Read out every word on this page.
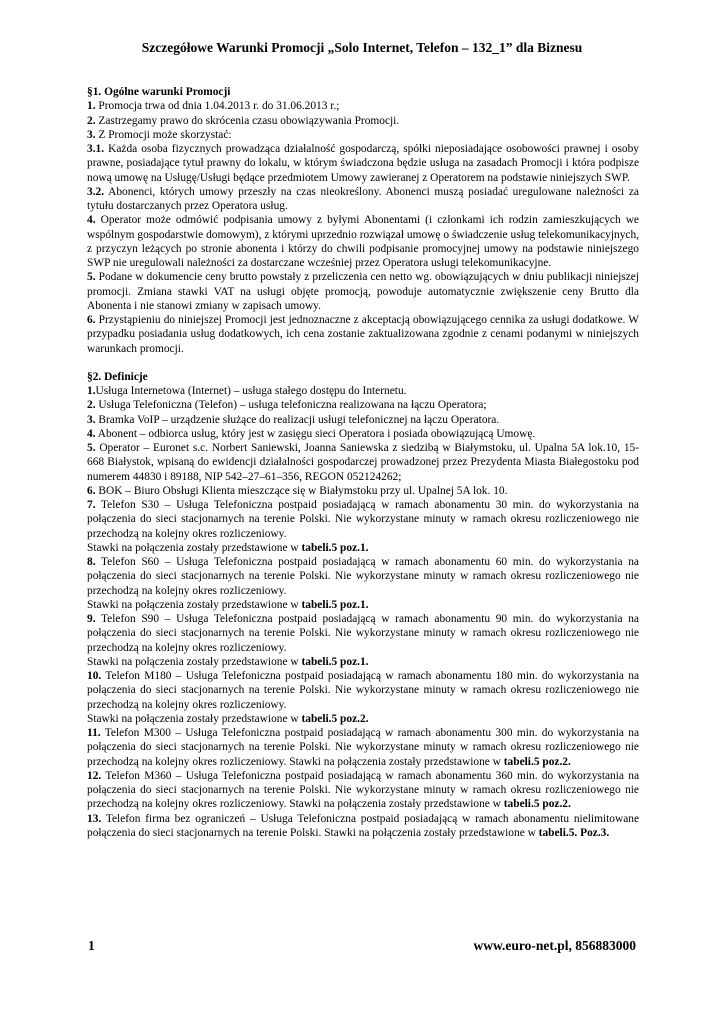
Szczegółowe Warunki Promocji „Solo Internet, Telefon – 132_1” dla Biznesu

§1. Ogólne warunki Promocji

1. Promocja trwa od dnia 1.04.2013 r. do 31.06.2013 r.;

2. Zastrzegamy prawo do skrócenia czasu obowiązywania Promocji.

3. Z Promocji może skorzystać:

3.1. Każda osoba fizycznych prowadząca działalność gospodarczą, spółki nieposiadające osobowości prawnej i osoby prawne, posiadające tytuł prawny do lokalu, w którym świadczona będzie usługa na zasadach Promocji i która podpisze nową umowę na Usługę/Usługi będące przedmiotem Umowy zawieranej z Operatorem na podstawie niniejszych SWP.

3.2. Abonenci, których umowy przeszły na czas nieokreślony. Abonenci muszą posiadać uregulowane należności za tytułu dostarczanych przez Operatora usług.

4. Operator może odmówić podpisania umowy z byłymi Abonentami (i członkami ich rodzin zamieszkujących we wspólnym gospodarstwie domowym), z którymi uprzednio rozwiązał umowę o świadczenie usług telekomunikacyjnych, z przyczyn leżących po stronie abonenta i którzy do chwili podpisanie promocyjnej umowy na podstawie niniejszego SWP nie uregulowali należności za dostarczane wcześniej przez Operatora usługi telekomunikacyjne.

5. Podane w dokumencie ceny brutto powstały z przeliczenia cen netto wg. obowiązujących w dniu publikacji niniejszej promocji. Zmiana stawki VAT na usługi objęte promocją, powoduje automatycznie zwiększenie ceny Brutto dla Abonenta i nie stanowi zmiany w zapisach umowy.

6. Przystąpieniu do niniejszej Promocji jest jednoznaczne z akceptacją obowiązującego cennika za usługi dodatkowe. W przypadku posiadania usług dodatkowych, ich cena zostanie zaktualizowana zgodnie z cenami podanymi w niniejszych warunkach promocji.

§2. Definicje

1.Usługa Internetowa (Internet) – usługa stałego dostępu do Internetu.

2. Usługa Telefoniczna (Telefon) – usługa telefoniczna realizowana na łączu Operatora;

3. Bramka VoIP – urządzenie służące do realizacji usługi telefonicznej na łączu Operatora.

4. Abonent – odbiorca usług, który jest w zasięgu sieci Operatora i posiada obowiązującą Umowę.

5. Operator – Euronet s.c. Norbert Saniewski, Joanna Saniewska z siedzibą w Białymstoku, ul. Upalna 5A lok.10, 15-668 Białystok, wpisaną do ewidencji działalności gospodarczej prowadzonej przez Prezydenta Miasta Białegostoku pod numerem 44830 i 89188, NIP 542–27–61–356, REGON 052124262;

6. BOK – Biuro Obsługi Klienta mieszczące się w Białymstoku przy ul. Upalnej 5A lok. 10.

7. Telefon S30 – Usługa Telefoniczna postpaid posiadającą w ramach abonamentu 30 min. do wykorzystania na połączenia do sieci stacjonarnych na terenie Polski. Nie wykorzystane minuty w ramach okresu rozliczeniowego nie przechodzą na kolejny okres rozliczeniowy.

Stawki na połączenia zostały przedstawione w tabeli.5 poz.1.

8. Telefon S60 – Usługa Telefoniczna postpaid posiadającą w ramach abonamentu 60 min. do wykorzystania na połączenia do sieci stacjonarnych na terenie Polski. Nie wykorzystane minuty w ramach okresu rozliczeniowego nie przechodzą na kolejny okres rozliczeniowy.

Stawki na połączenia zostały przedstawione w tabeli.5 poz.1.

9. Telefon S90 – Usługa Telefoniczna postpaid posiadającą w ramach abonamentu 90 min. do wykorzystania na połączenia do sieci stacjonarnych na terenie Polski. Nie wykorzystane minuty w ramach okresu rozliczeniowego nie przechodzą na kolejny okres rozliczeniowy.

Stawki na połączenia zostały przedstawione w tabeli.5 poz.1.

10. Telefon M180 – Usługa Telefoniczna postpaid posiadającą w ramach abonamentu 180 min. do wykorzystania na połączenia do sieci stacjonarnych na terenie Polski. Nie wykorzystane minuty w ramach okresu rozliczeniowego nie przechodzą na kolejny okres rozliczeniowy.

Stawki na połączenia zostały przedstawione w tabeli.5 poz.2.

11. Telefon M300 – Usługa Telefoniczna postpaid posiadającą w ramach abonamentu 300 min. do wykorzystania na połączenia do sieci stacjonarnych na terenie Polski. Nie wykorzystane minuty w ramach okresu rozliczeniowego nie przechodzą na kolejny okres rozliczeniowy. Stawki na połączenia zostały przedstawione w tabeli.5 poz.2.

12. Telefon M360 – Usługa Telefoniczna postpaid posiadającą w ramach abonamentu 360 min. do wykorzystania na połączenia do sieci stacjonarnych na terenie Polski. Nie wykorzystane minuty w ramach okresu rozliczeniowego nie przechodzą na kolejny okres rozliczeniowy. Stawki na połączenia zostały przedstawione w tabeli.5 poz.2.

13. Telefon firma bez ograniczeń – Usługa Telefoniczna postpaid posiadającą w ramach abonamentu nielimitowane połączenia do sieci stacjonarnych na terenie Polski. Stawki na połączenia zostały przedstawione w tabeli.5. Poz.3.

1	www.euro-net.pl, 856883000
